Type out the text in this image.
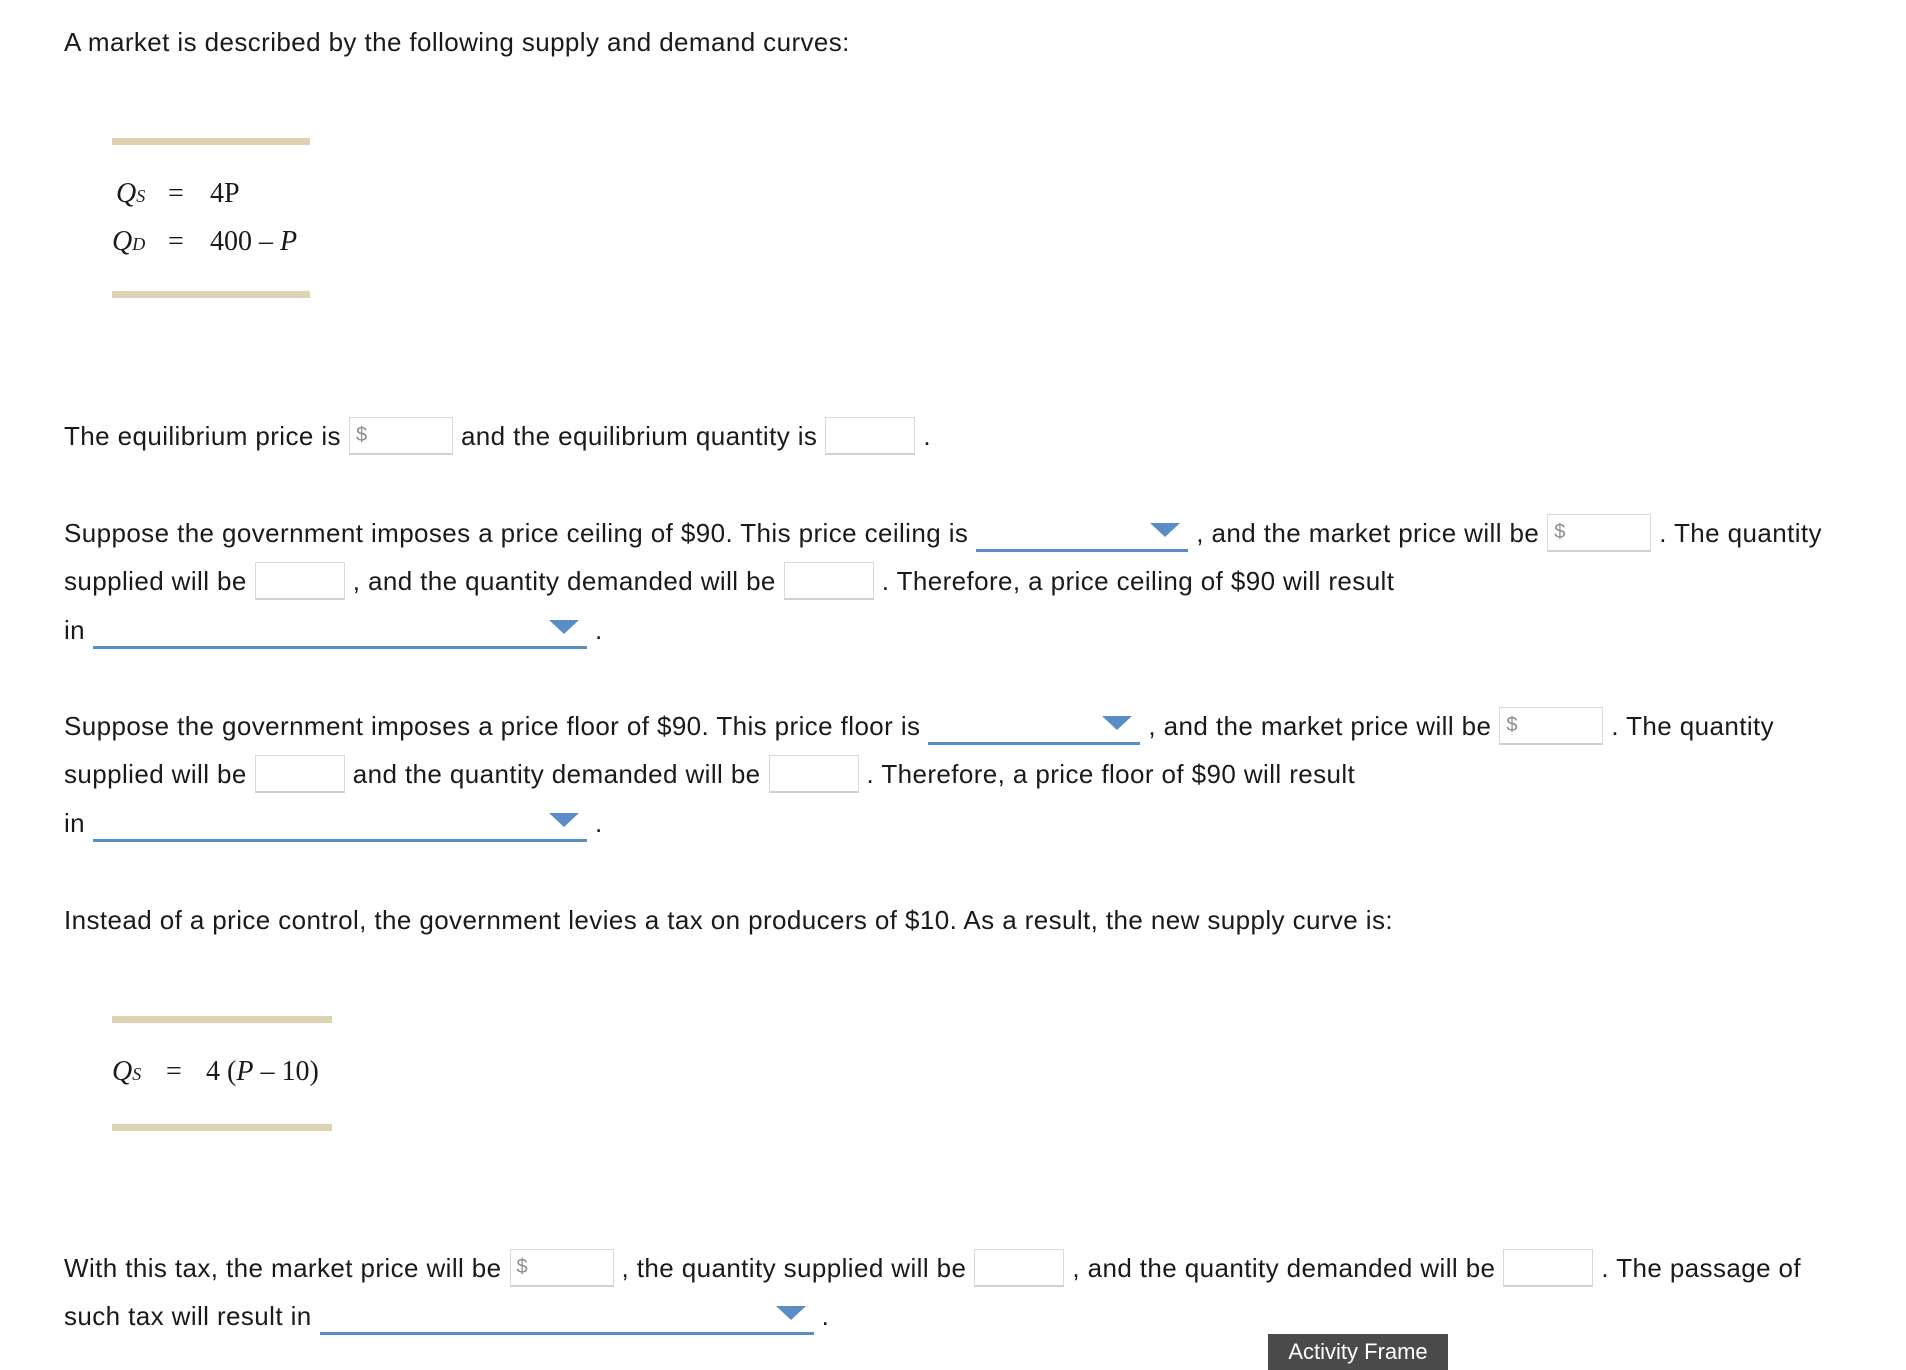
A market is described by the following supply and demand curves:
QS = 4P
QD = 400 – P
The equilibrium price is $	and the equilibrium quantity is	.
Suppose the government imposes a price ceiling of $90. This price ceiling is	, and the market price will be $	. The quantity
supplied will be	, and the quantity demanded will be	. Therefore, a price ceiling of $90 will result
in	.
Suppose the government imposes a price floor of $90. This price floor is	, and the market price will be $	. The quantity
supplied will be	and the quantity demanded will be	. Therefore, a price floor of $90 will result
in	.
Instead of a price control, the government levies a tax on producers of $10. As a result, the new supply curve is:
QS = 4 (P – 10)
With this tax, the market price will be $	, the quantity supplied will be	, and the quantity demanded will be	. The passage of
such tax will result in	.
Activity Frame
